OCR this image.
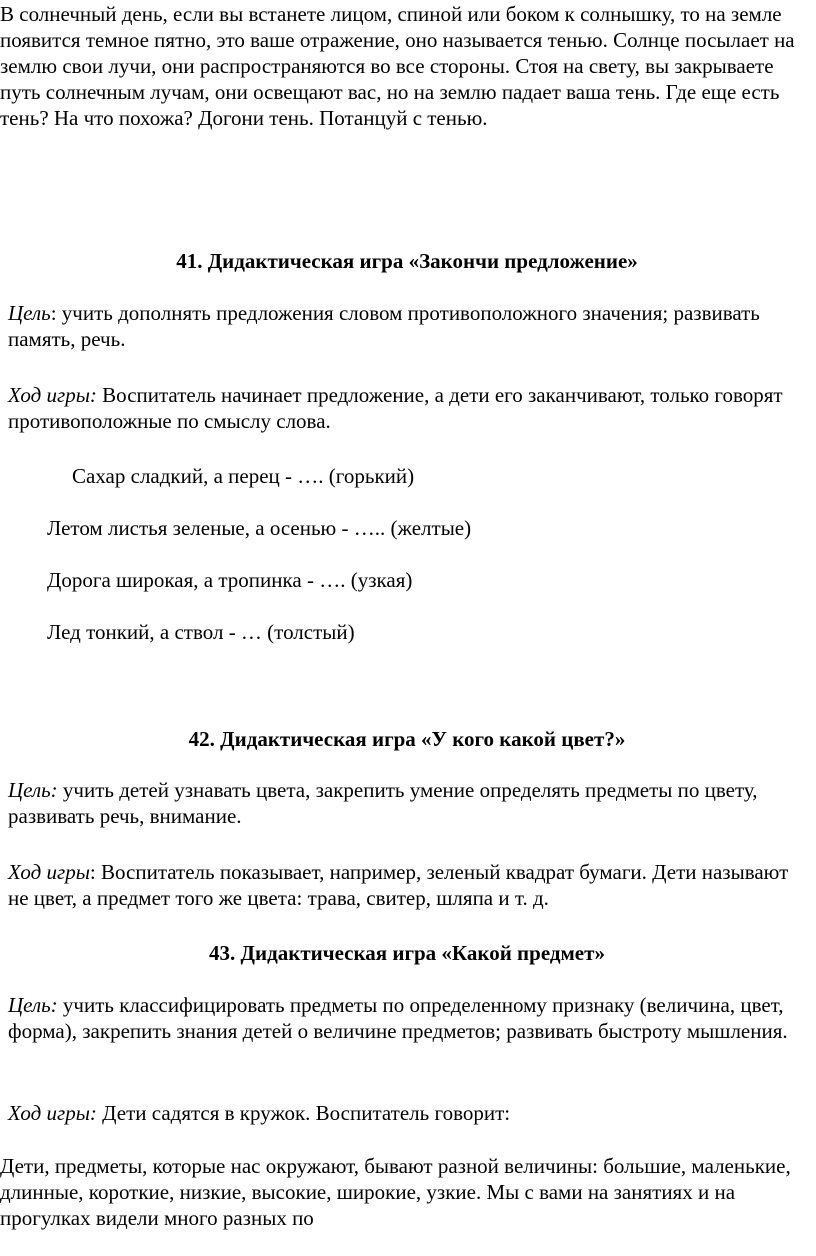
В солнечный день, если вы встанете лицом, спиной или боком к солнышку, то на земле появится темное пятно, это ваше отражение, оно называется тенью. Солнце посылает на землю свои лучи, они распространяются во все стороны. Стоя на свету, вы закрываете путь солнечным лучам, они освещают вас, но на землю падает ваша тень. Где еще есть тень? На что похожа? Догони тень. Потанцуй с тенью.

41. Дидактическая игра «Закончи предложение»

Цель: учить дополнять предложения словом противоположного значения; развивать память, речь.

Ход игры: Воспитатель начинает предложение, а дети его заканчивают, только говорят противоположные по смыслу слова.

Сахар сладкий, а перец - …. (горький)

Летом листья зеленые, а осенью - ….. (желтые)

Дорога широкая, а тропинка - …. (узкая)

Лед тонкий, а ствол - … (толстый)

42. Дидактическая игра «У кого какой цвет?»

Цель: учить детей узнавать цвета, закрепить умение определять предметы по цвету, развивать речь, внимание.

Ход игры: Воспитатель показывает, например, зеленый квадрат бумаги. Дети называют не цвет, а предмет того же цвета: трава, свитер, шляпа и т. д.

43. Дидактическая игра «Какой предмет»

Цель: учить классифицировать предметы по определенному признаку (величина, цвет, форма), закрепить знания детей о величине предметов; развивать быстроту мышления.

Ход игры: Дети садятся в кружок. Воспитатель говорит:

Дети, предметы, которые нас окружают, бывают разной величины: большие, маленькие, длинные, короткие, низкие, высокие, широкие, узкие. Мы с вами на занятиях и на прогулках видели много разных по
